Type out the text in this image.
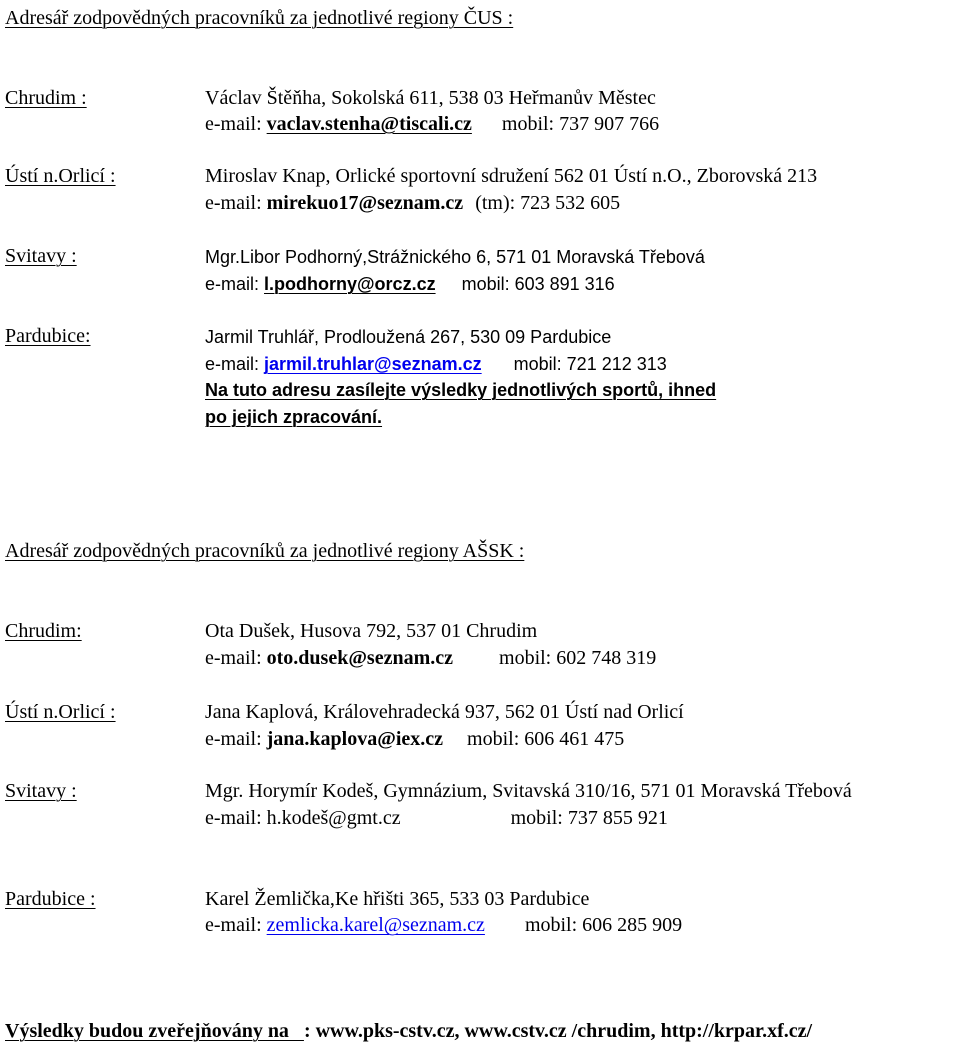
Adresář zodpovědných pracovníků za jednotlivé regiony ČUS :
Chrudim :	Václav Štěňha, Sokolská 611, 538 03 Heřmanův Městec
e-mail: vaclav.stenha@tiscali.cz mobil: 737 907 766
Ústí n.Orlicí :	Miroslav Knap, Orlické sportovní sdružení 562 01 Ústí n.O., Zborovská 213
e-mail: mirekuo17@seznam.cz (tm): 723 532 605
Svitavy :	Mgr.Libor Podhorný,Strážnického 6, 571 01 Moravská Třebová
e-mail: l.podhorny@orcz.cz mobil: 603 891 316
Pardubice:	Jarmil Truhlář, Prodloužená 267, 530 09 Pardubice
e-mail: jarmil.truhlar@seznam.cz mobil: 721 212 313
Na tuto adresu zasílejte výsledky jednotlivých sportů, ihned
po jejich zpracování.
Adresář zodpovědných pracovníků za jednotlivé regiony AŠSK :
Chrudim:	Ota Dušek, Husova 792, 537 01 Chrudim
e-mail: oto.dusek@seznam.cz mobil: 602 748 319
Ústí n.Orlicí :	Jana Kaplová, Královehradecká 937, 562 01 Ústí nad Orlicí
e-mail: jana.kaplova@iex.cz mobil: 606 461 475
Svitavy :	Mgr. Horymír Kodeš, Gymnázium, Svitavská 310/16, 571 01 Moravská Třebová
e-mail: h.kodeš@gmt.cz	mobil: 737 855 921
Pardubice :	Karel Žemlička,Ke hřišti 365, 533 03 Pardubice
e-mail: zemlicka.karel@seznam.cz mobil: 606 285 909
Výsledky budou zveřejňovány na   : www.pks-cstv.cz, www.cstv.cz /chrudim, http://krpar.xf.cz/
